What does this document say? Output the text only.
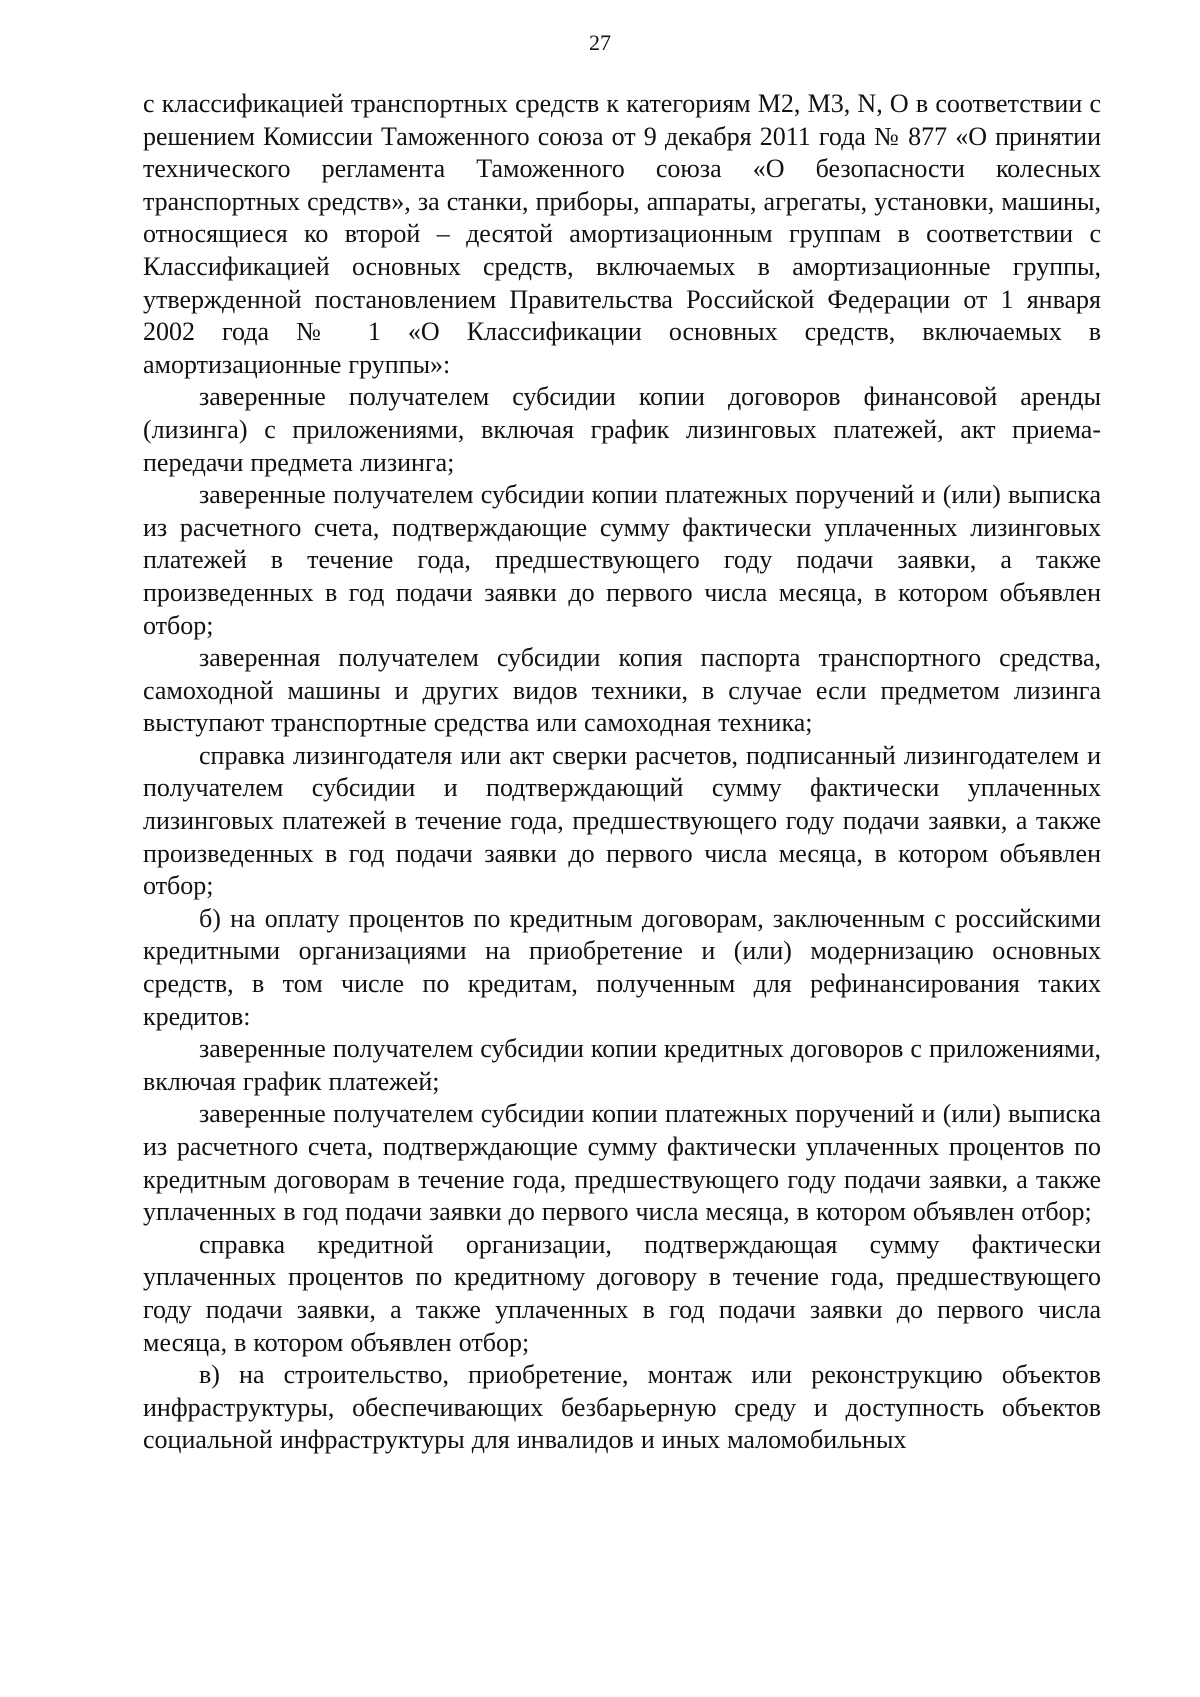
27

с классификацией транспортных средств к категориям М2, М3, N, О в соответствии с решением Комиссии Таможенного союза от 9 декабря 2011 года № 877 «О принятии технического регламента Таможенного союза «О безопасности колесных транспортных средств», за станки, приборы, аппараты, агрегаты, установки, машины, относящиеся ко второй – десятой амортизационным группам в соответствии с Классификацией основных средств, включаемых в амортизационные группы, утвержденной постановлением Правительства Российской Федерации от 1 января 2002 года № 1 «О Классификации основных средств, включаемых в амортизационные группы»:

заверенные получателем субсидии копии договоров финансовой аренды (лизинга) с приложениями, включая график лизинговых платежей, акт приема-передачи предмета лизинга;

заверенные получателем субсидии копии платежных поручений и (или) выписка из расчетного счета, подтверждающие сумму фактически уплаченных лизинговых платежей в течение года, предшествующего году подачи заявки, а также произведенных в год подачи заявки до первого числа месяца, в котором объявлен отбор;

заверенная получателем субсидии копия паспорта транспортного средства, самоходной машины и других видов техники, в случае если предметом лизинга выступают транспортные средства или самоходная техника;

справка лизингодателя или акт сверки расчетов, подписанный лизингодателем и получателем субсидии и подтверждающий сумму фактически уплаченных лизинговых платежей в течение года, предшествующего году подачи заявки, а также произведенных в год подачи заявки до первого числа месяца, в котором объявлен отбор;

б) на оплату процентов по кредитным договорам, заключенным с российскими кредитными организациями на приобретение и (или) модернизацию основных средств, в том числе по кредитам, полученным для рефинансирования таких кредитов:

заверенные получателем субсидии копии кредитных договоров с приложениями, включая график платежей;

заверенные получателем субсидии копии платежных поручений и (или) выписка из расчетного счета, подтверждающие сумму фактически уплаченных процентов по кредитным договорам в течение года, предшествующего году подачи заявки, а также уплаченных в год подачи заявки до первого числа месяца, в котором объявлен отбор;

справка кредитной организации, подтверждающая сумму фактически уплаченных процентов по кредитному договору в течение года, предшествующего году подачи заявки, а также уплаченных в год подачи заявки до первого числа месяца, в котором объявлен отбор;

в) на строительство, приобретение, монтаж или реконструкцию объектов инфраструктуры, обеспечивающих безбарьерную среду и доступность объектов социальной инфраструктуры для инвалидов и иных маломобильных
